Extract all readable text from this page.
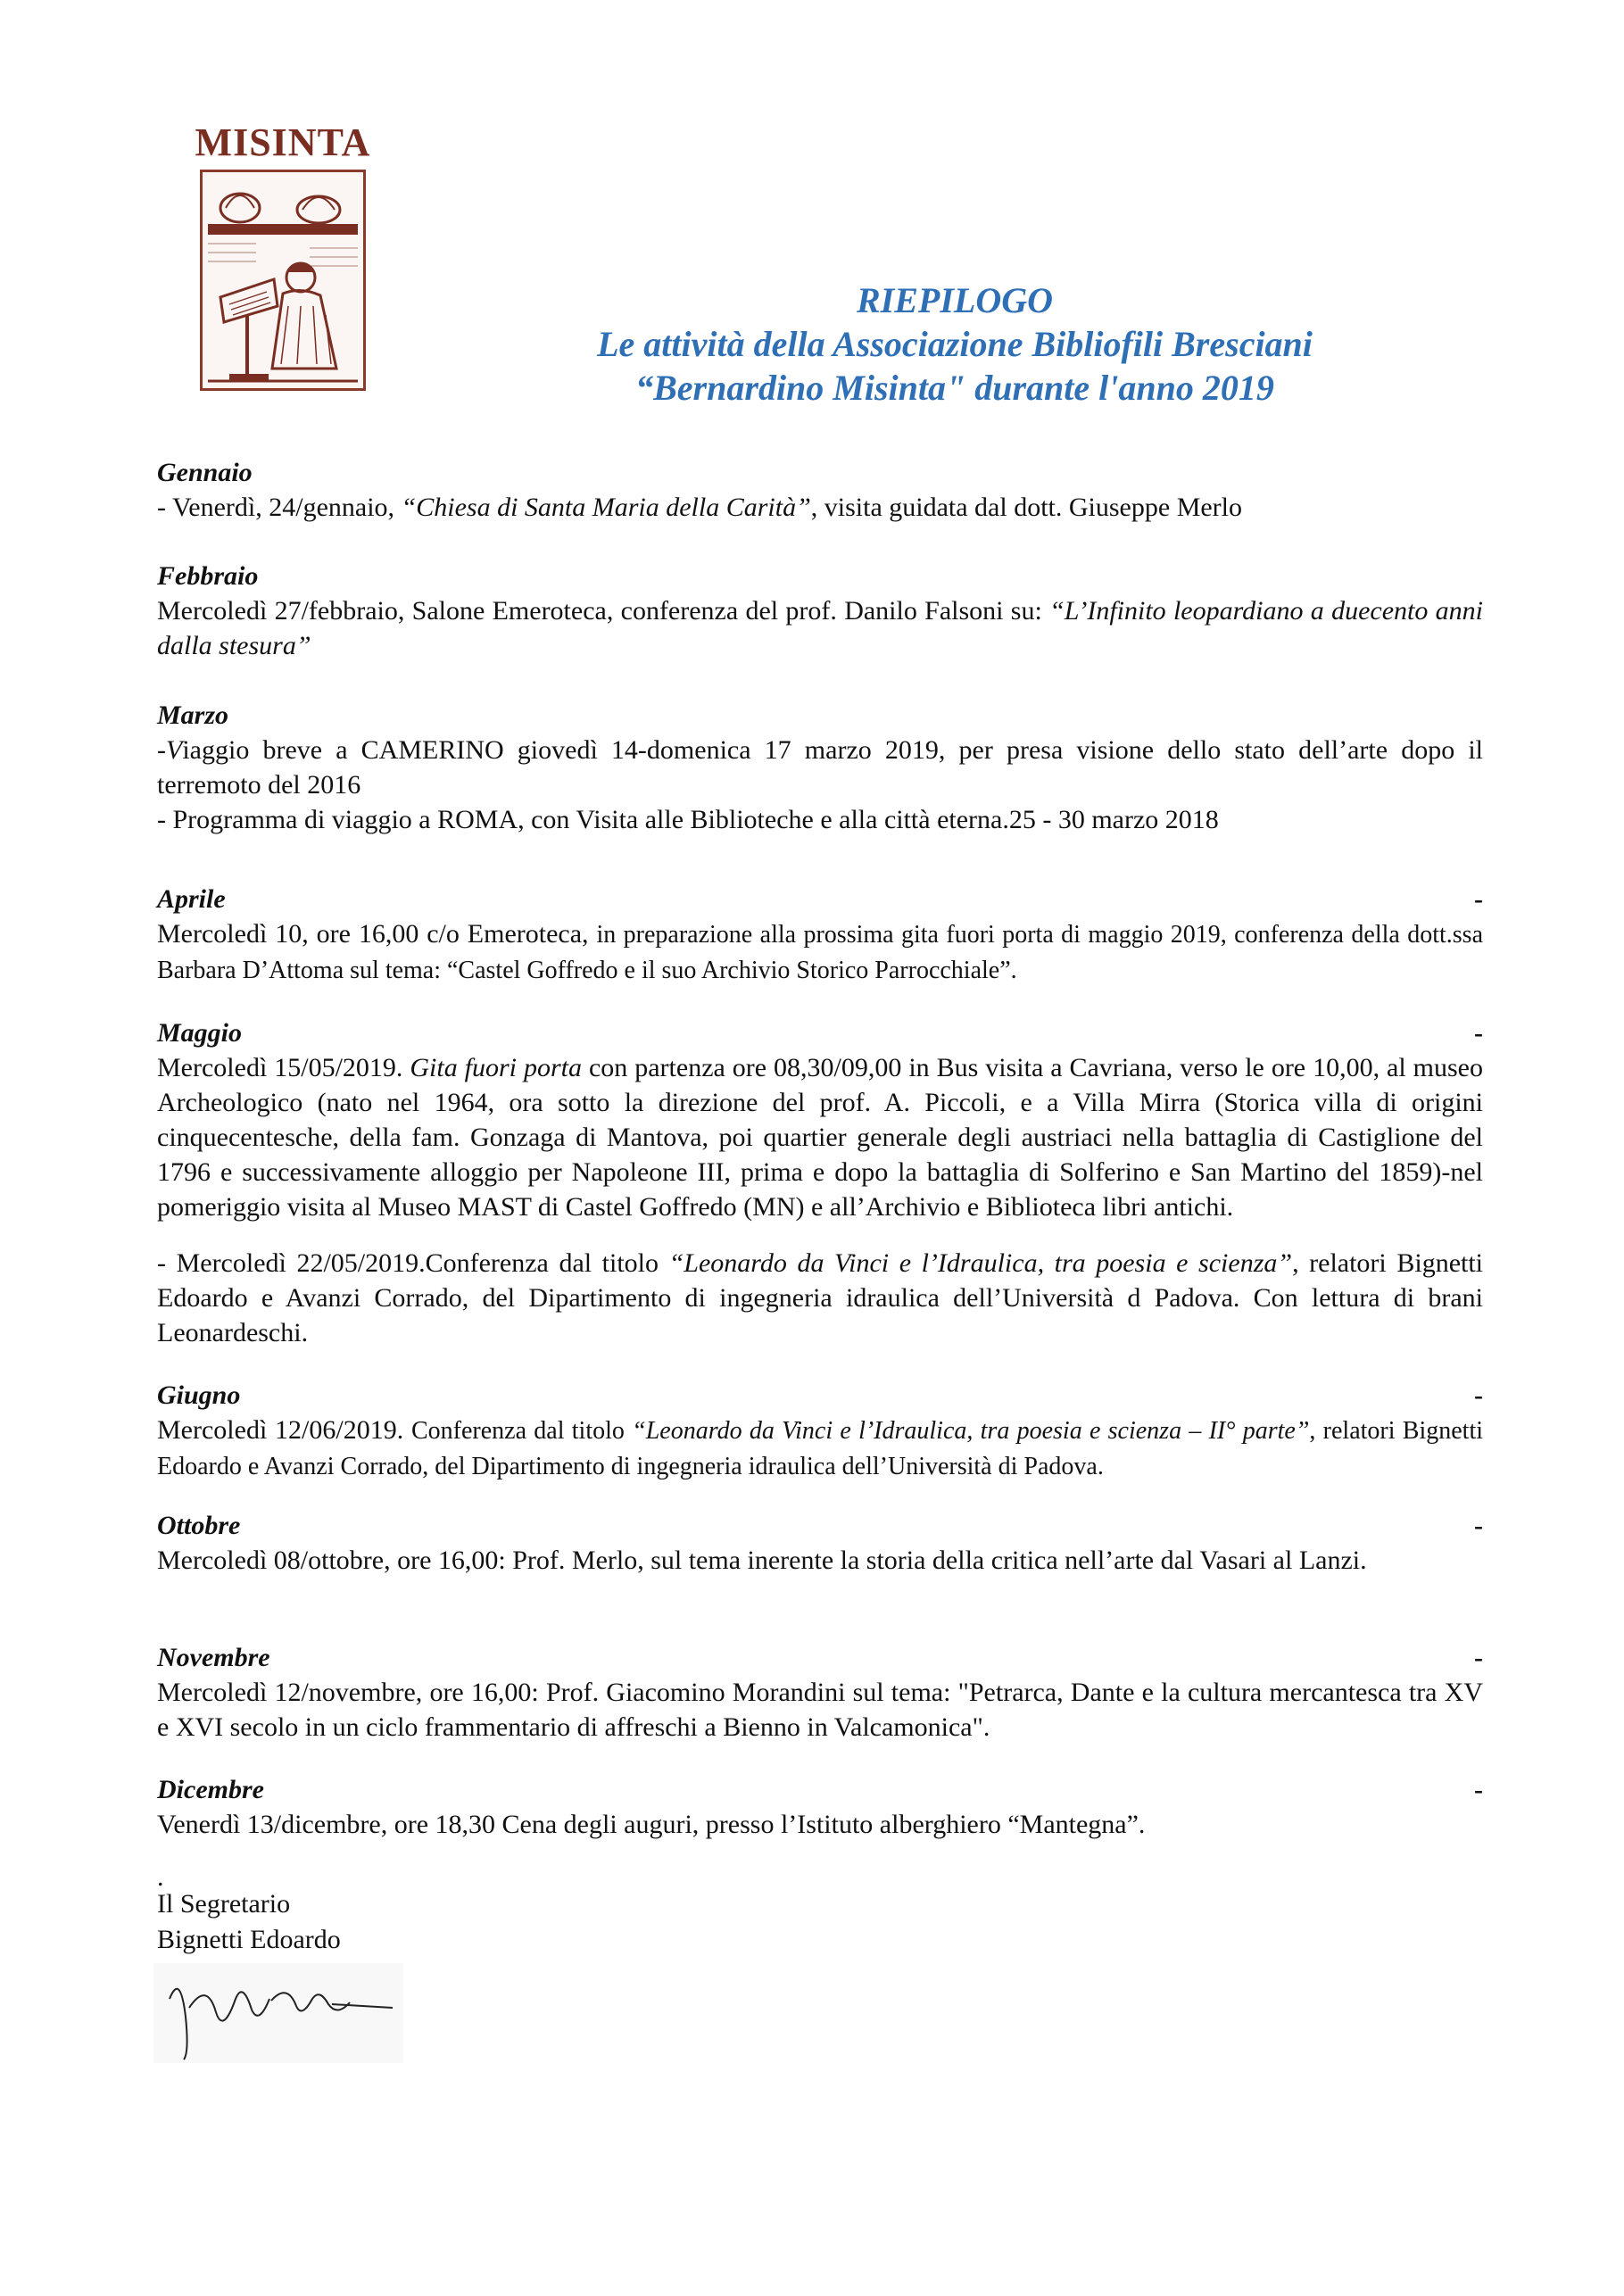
MISINTA
RIEPILOGO
Le attività della Associazione Bibliofili Bresciani
“Bernardino Misinta" durante l'anno 2019
Gennaio

- Venerdì, 24/gennaio, “Chiesa di Santa Maria della Carità”, visita guidata dal dott. Giuseppe Merlo

Febbraio

Mercoledì 27/febbraio, Salone Emeroteca, conferenza del prof. Danilo Falsoni su: “L’Infinito leopardiano a duecento anni dalla stesura”

Marzo

-Viaggio breve a CAMERINO giovedì 14-domenica 17 marzo 2019, per presa visione dello stato dell’arte dopo il terremoto del 2016

- Programma di viaggio a ROMA, con Visita alle Biblioteche e alla città eterna.25 - 30 marzo 2018

Aprile	-

Mercoledì 10, ore 16,00 c/o Emeroteca, in preparazione alla prossima gita fuori porta di maggio 2019, conferenza della dott.ssa Barbara D’Attoma sul tema: “Castel Goffredo e il suo Archivio Storico Parrocchiale”.

Maggio	-

Mercoledì 15/05/2019. Gita fuori porta con partenza ore 08,30/09,00 in Bus visita a Cavriana, verso le ore 10,00, al museo Archeologico (nato nel 1964, ora sotto la direzione del prof. A. Piccoli, e a Villa Mirra (Storica villa di origini cinquecentesche, della fam. Gonzaga di Mantova, poi quartier generale degli austriaci nella battaglia di Castiglione del 1796 e successivamente alloggio per Napoleone III, prima e dopo la battaglia di Solferino e San Martino del 1859)-nel pomeriggio visita al Museo MAST di Castel Goffredo (MN) e all’Archivio e Biblioteca libri antichi.

- Mercoledì 22/05/2019.Conferenza dal titolo “Leonardo da Vinci e l’Idraulica, tra poesia e scienza”, relatori Bignetti Edoardo e Avanzi Corrado, del Dipartimento di ingegneria idraulica dell’Università d Padova. Con lettura di brani Leonardeschi.

Giugno	-

Mercoledì 12/06/2019. Conferenza dal titolo “Leonardo da Vinci e l’Idraulica, tra poesia e scienza – II° parte”, relatori Bignetti Edoardo e Avanzi Corrado, del Dipartimento di ingegneria idraulica dell’Università di Padova.

Ottobre	-

Mercoledì 08/ottobre, ore 16,00: Prof. Merlo, sul tema inerente la storia della critica nell’arte dal Vasari al Lanzi.

Novembre	-

Mercoledì 12/novembre, ore 16,00: Prof. Giacomino Morandini sul tema: "Petrarca, Dante e la cultura mercantesca tra XV e XVI secolo in un ciclo frammentario di affreschi a Bienno in Valcamonica".

Dicembre	-

Venerdì 13/dicembre, ore 18,30 Cena degli auguri, presso l’Istituto alberghiero “Mantegna”.

.
Il Segretario
Bignetti Edoardo
